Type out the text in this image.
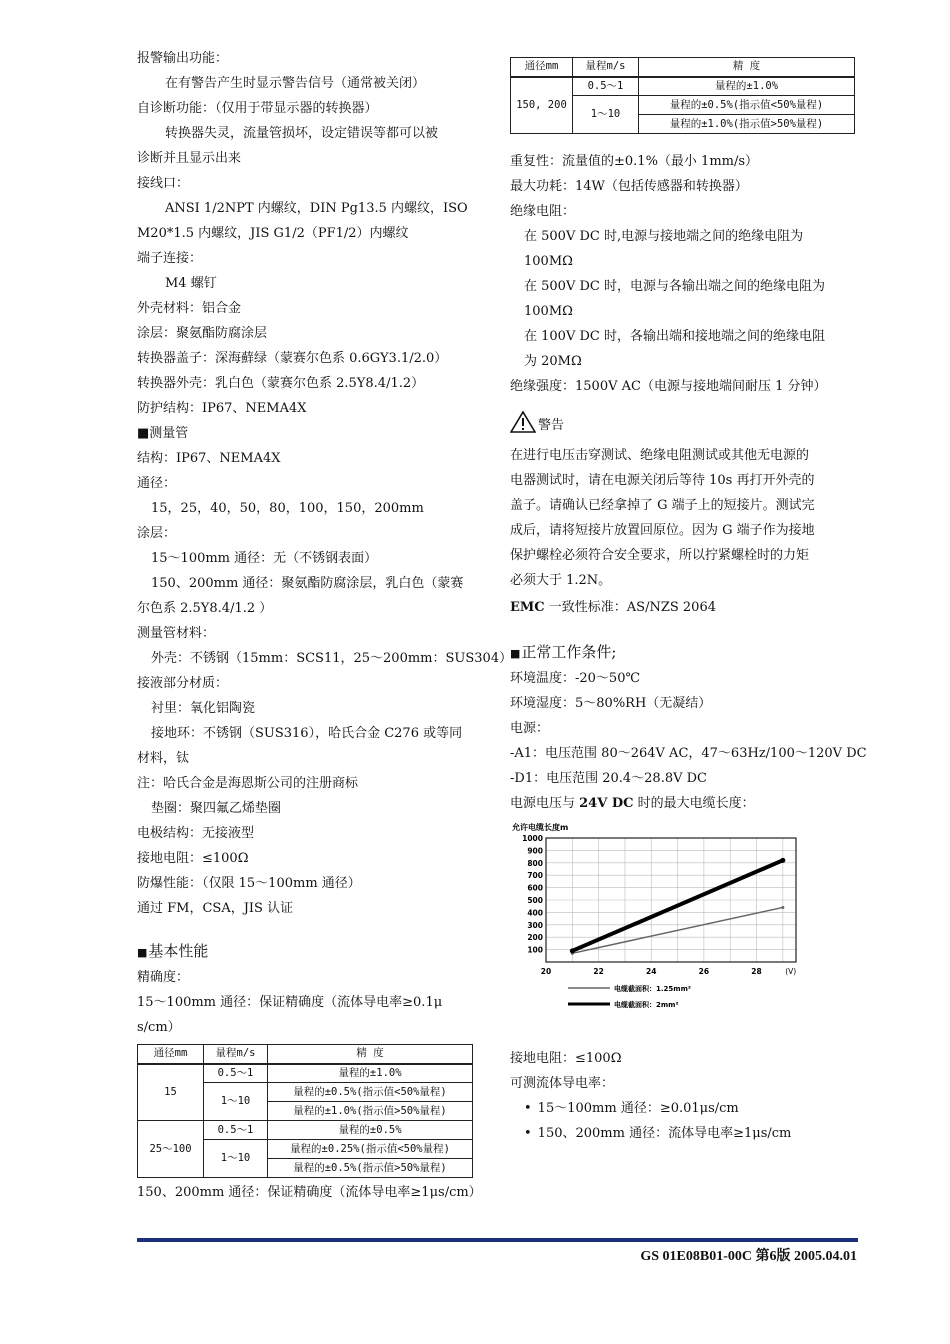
报警输出功能：
在有警告产生时显示警告信号（通常被关闭）
自诊断功能：（仅用于带显示器的转换器）
转换器失灵，流量管损坏，设定错误等都可以被
诊断并且显示出来
接线口：
ANSI 1/2NPT 内螺纹，DIN Pg13.5 内螺纹，ISO
M20*1.5 内螺纹，JIS G1/2（PF1/2）内螺纹
端子连接：
M4 螺钉
外壳材料：铝合金
涂层：聚氨酯防腐涂层
转换器盖子：深海蘚绿（蒙赛尔色系 0.6GY3.1/2.0）
转换器外壳：乳白色（蒙赛尔色系 2.5Y8.4/1.2）
防护结构：IP67、NEMA4X
■测量管
结构：IP67、NEMA4X
通径：
15，25，40，50，80，100，150，200mm
涂层：
15～100mm 通径：无（不锈钢表面）
150、200mm 通径：聚氨酯防腐涂层，乳白色（蒙赛
尔色系 2.5Y8.4/1.2 ）
测量管材料：
外壳：不锈钢（15mm：SCS11，25～200mm：SUS304）
接液部分材质：
衬里：氧化铝陶瓷
接地环：不锈钢（SUS316），哈氏合金 C276 或等同
材料，钛
注：哈氏合金是海恩斯公司的注册商标
垫圈：聚四氟乙烯垫圈
电极结构：无接液型
接地电阻：≤100Ω
防爆性能：（仅限 15～100mm 通径）
通过 FM，CSA，JIS 认证
■基本性能
精确度：
15～100mm 通径：保证精确度（流体导电率≥0.1μ
s/cm）
通径mm	量程m/s	精 度
15	0.5～1	量程的±1.0%
	1～10	量程的±0.5%(指示值<50%量程)
		量程的±1.0%(指示值>50%量程)
25～100	0.5～1	量程的±0.5%
	1～10	量程的±0.25%(指示值<50%量程)
		量程的±0.5%(指示值>50%量程)
150、200mm 通径：保证精确度（流体导电率≥1μs/cm）
通径mm	量程m/s	精 度
150, 200	0.5～1	量程的±1.0%
	1～10	量程的±0.5%(指示值<50%量程)
		量程的±1.0%(指示值>50%量程)
重复性：流量值的±0.1%（最小 1mm/s）
最大功耗：14W（包括传感器和转换器）
绝缘电阻：
在 500V DC 时,电源与接地端之间的绝缘电阻为
100MΩ
在 500V DC 时，电源与各输出端之间的绝缘电阻为
100MΩ
在 100V DC 时，各输出端和接地端之间的绝缘电阻
为 20MΩ
绝缘强度：1500V AC（电源与接地端间耐压 1 分钟）
警告
在进行电压击穿测试、绝缘电阻测试或其他无电源的
电器测试时，请在电源关闭后等待 10s 再打开外壳的
盖子。请确认已经拿掉了 G 端子上的短接片。测试完
成后，请将短接片放置回原位。因为 G 端子作为接地
保护螺栓必须符合安全要求，所以拧紧螺栓时的力矩
必须大于 1.2N。
EMC 一致性标准：AS/NZS 2064
■正常工作条件;
环境温度：-20～50℃
环境湿度：5～80%RH（无凝结）
电源：
-A1：电压范围 80～264V AC，47～63Hz/100～120V DC
-D1：电压范围 20.4～28.8V DC
电源电压与 24V DC 时的最大电缆长度：
允许电缆长度m
100
200
300
400
500
600
700
800
900
1000
20	22	24	26	28	(V)
电缆截面积：1.25mm²
电缆截面积：2mm²
接地电阻：≤100Ω
可测流体导电率：
• 15～100mm 通径：≥0.01μs/cm
• 150、200mm 通径：流体导电率≥1μs/cm
GS 01E08B01-00C 第6版 2005.04.01
